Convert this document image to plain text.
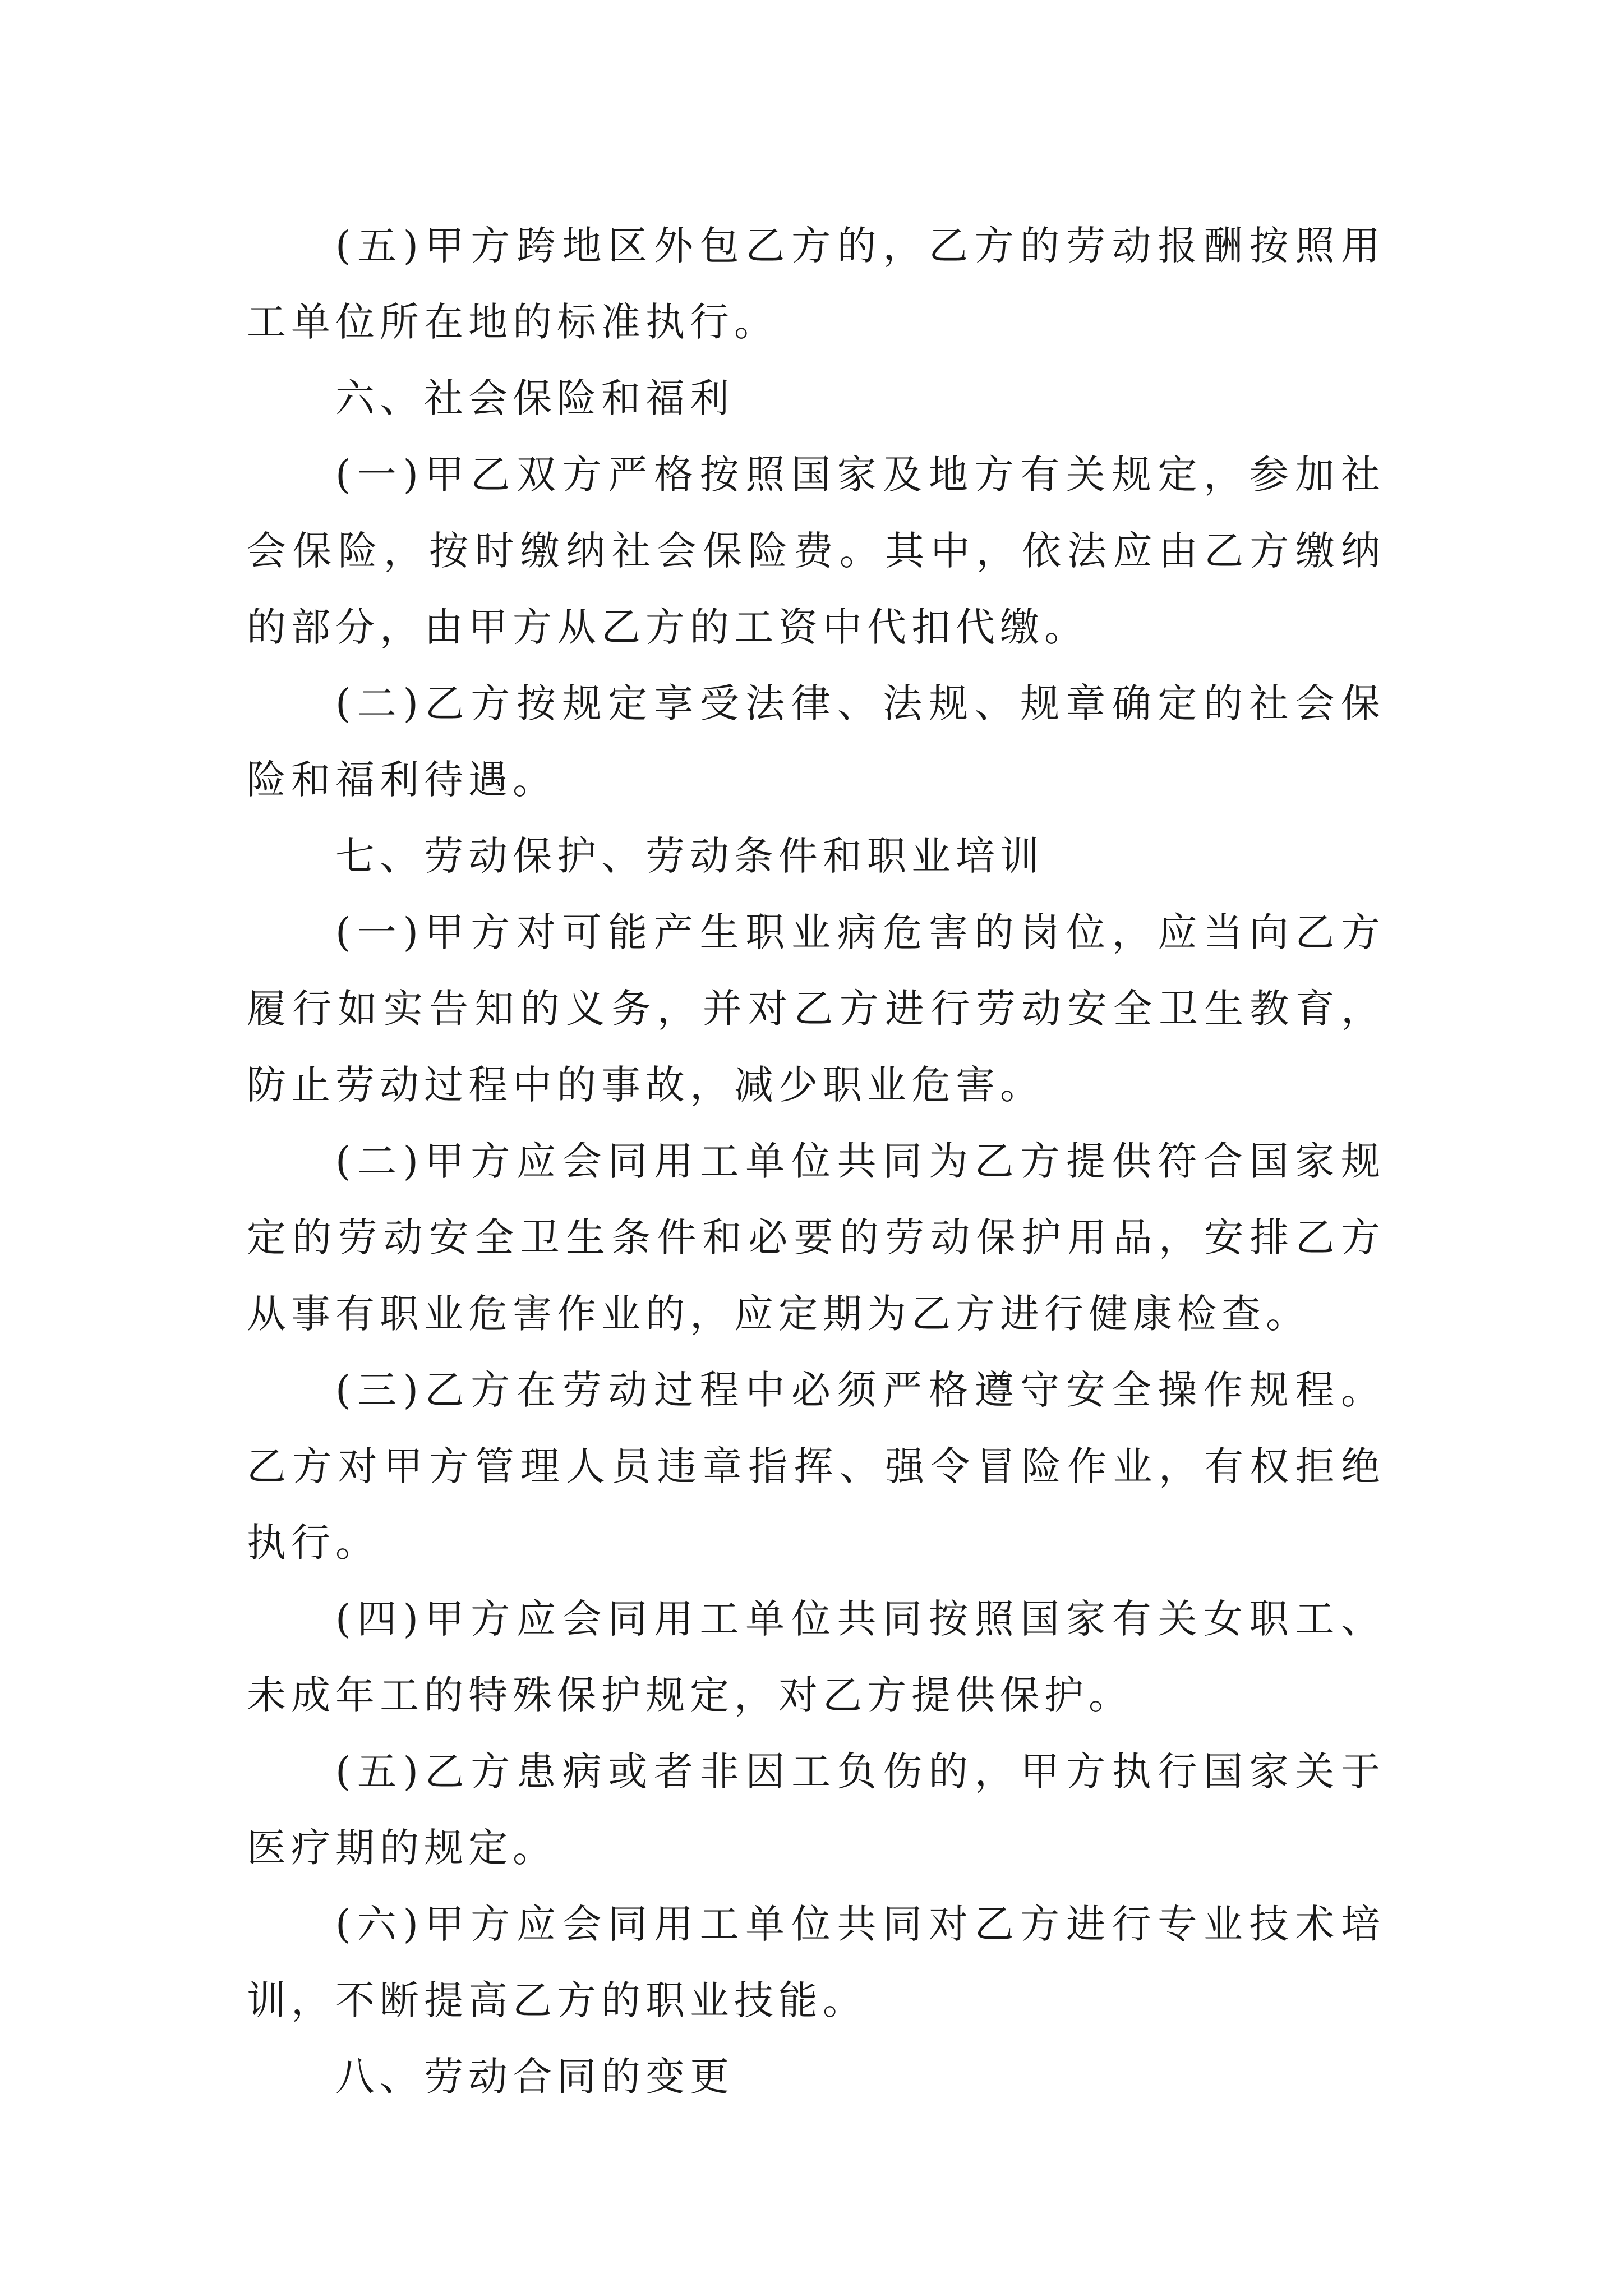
(五)甲方跨地区外包乙方的，乙方的劳动报酬按照用工单位所在地的标准执行。

六、社会保险和福利

(一)甲乙双方严格按照国家及地方有关规定，参加社会保险，按时缴纳社会保险费。其中，依法应由乙方缴纳的部分，由甲方从乙方的工资中代扣代缴。

(二)乙方按规定享受法律、法规、规章确定的社会保险和福利待遇。

七、劳动保护、劳动条件和职业培训

(一)甲方对可能产生职业病危害的岗位，应当向乙方履行如实告知的义务，并对乙方进行劳动安全卫生教育，防止劳动过程中的事故，减少职业危害。

(二)甲方应会同用工单位共同为乙方提供符合国家规定的劳动安全卫生条件和必要的劳动保护用品，安排乙方从事有职业危害作业的，应定期为乙方进行健康检查。

(三)乙方在劳动过程中必须严格遵守安全操作规程。乙方对甲方管理人员违章指挥、强令冒险作业，有权拒绝执行。

(四)甲方应会同用工单位共同按照国家有关女职工、未成年工的特殊保护规定，对乙方提供保护。

(五)乙方患病或者非因工负伤的，甲方执行国家关于医疗期的规定。

(六)甲方应会同用工单位共同对乙方进行专业技术培训，不断提高乙方的职业技能。

八、劳动合同的变更
